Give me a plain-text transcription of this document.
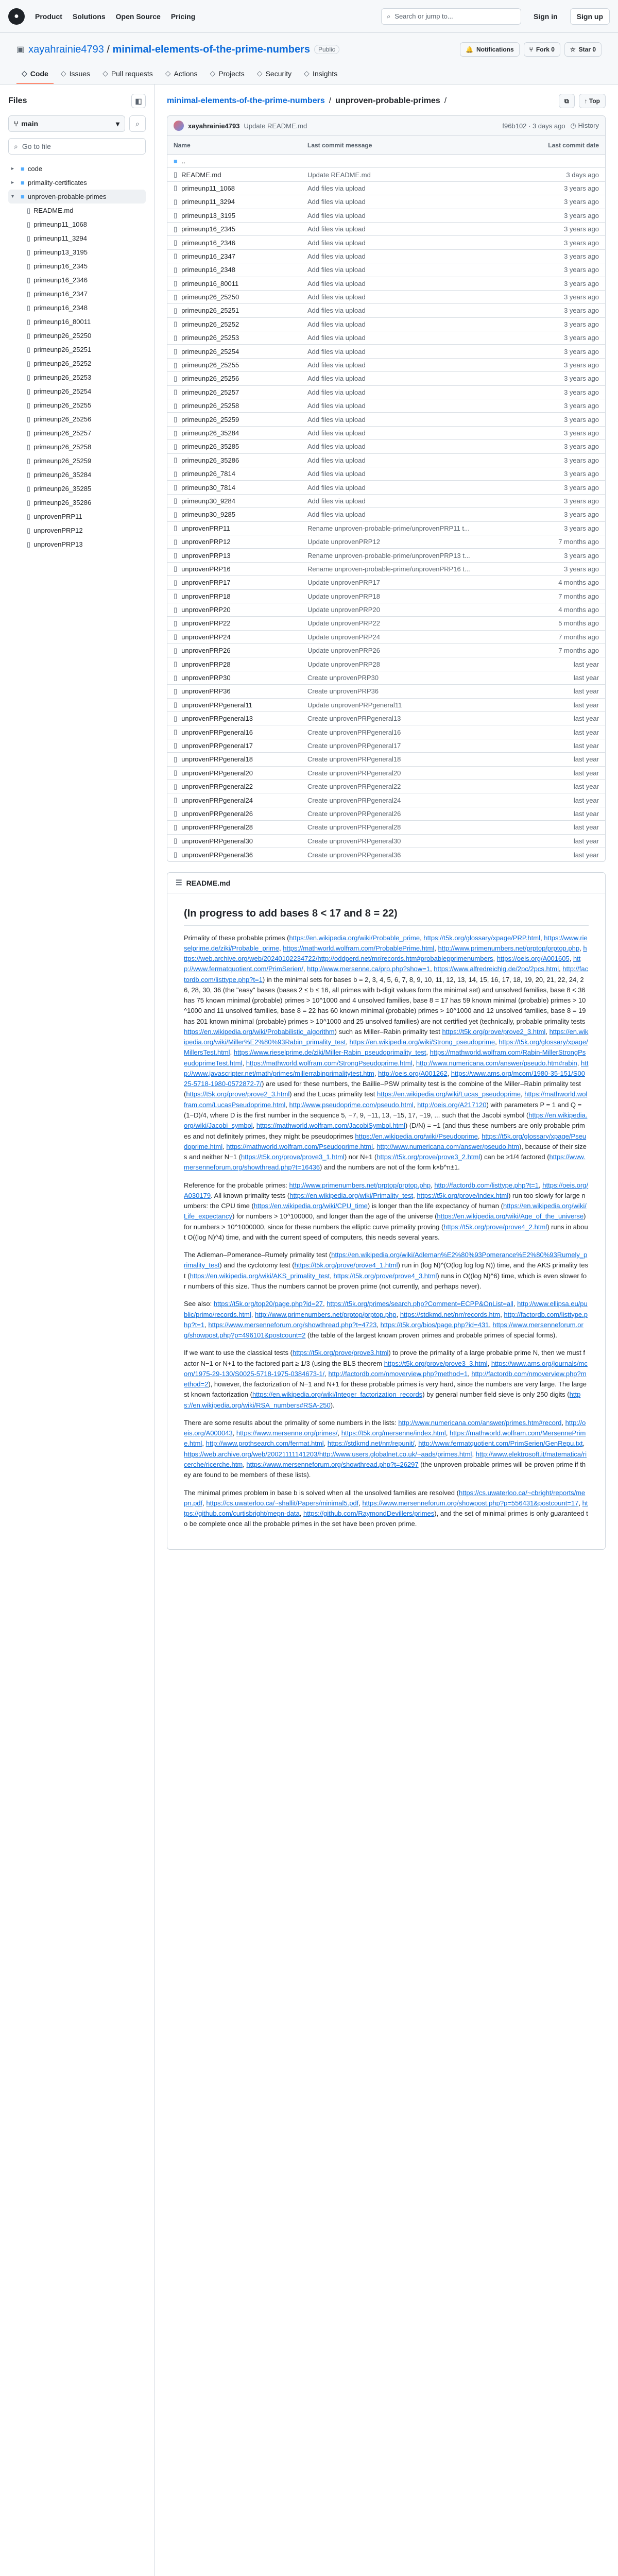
●	Product	Solutions	Open Source	Pricing	⌕ Search or jump to...	Sign in	Sign up
▣ xayahrainie4793 / minimal-elements-of-the-prime-numbers	Public	🔔 Notifications	⑂ Fork 0	☆ Star 0
◇ Code ◇ Issues ◇ Pull requests ◇ Actions ◇ Projects ◇ Security ◇ Insights
Files	◧
⑂ main	▾	⌕
⌕ Go to file
▸ ■ code
▸ ■ primality-certificates
▾ ■ unproven-probable-primes
▯ README.md
▯ primeunp11_1068
▯ primeunp11_3294
▯ primeunp13_3195
▯ primeunp16_2345
▯ primeunp16_2346
▯ primeunp16_2347
▯ primeunp16_2348
▯ primeunp16_80011
▯ primeunp26_25250
▯ primeunp26_25251
▯ primeunp26_25252
▯ primeunp26_25253
▯ primeunp26_25254
▯ primeunp26_25255
▯ primeunp26_25256
▯ primeunp26_25257
▯ primeunp26_25258
▯ primeunp26_25259
▯ primeunp26_35284
▯ primeunp26_35285
▯ primeunp26_35286
▯ unprovenPRP11
▯ unprovenPRP12
▯ unprovenPRP13
minimal-elements-of-the-prime-numbers / unproven-probable-primes /	⧉	↑ Top
xayahrainie4793 Update README.md	f96b102 · 3 days ago ◷ History
Name	Last commit message	Last commit date
■ ..
▯ README.md	Update README.md	3 days ago
▯ primeunp11_1068	Add files via upload	3 years ago
▯ primeunp11_3294	Add files via upload	3 years ago
▯ primeunp13_3195	Add files via upload	3 years ago
▯ primeunp16_2345	Add files via upload	3 years ago
▯ primeunp16_2346	Add files via upload	3 years ago
▯ primeunp16_2347	Add files via upload	3 years ago
▯ primeunp16_2348	Add files via upload	3 years ago
▯ primeunp16_80011	Add files via upload	3 years ago
▯ primeunp26_25250	Add files via upload	3 years ago
▯ primeunp26_25251	Add files via upload	3 years ago
▯ primeunp26_25252	Add files via upload	3 years ago
▯ primeunp26_25253	Add files via upload	3 years ago
▯ primeunp26_25254	Add files via upload	3 years ago
▯ primeunp26_25255	Add files via upload	3 years ago
▯ primeunp26_25256	Add files via upload	3 years ago
▯ primeunp26_25257	Add files via upload	3 years ago
▯ primeunp26_25258	Add files via upload	3 years ago
▯ primeunp26_25259	Add files via upload	3 years ago
▯ primeunp26_35284	Add files via upload	3 years ago
▯ primeunp26_35285	Add files via upload	3 years ago
▯ primeunp26_35286	Add files via upload	3 years ago
▯ primeunp26_7814	Add files via upload	3 years ago
▯ primeunp30_7814	Add files via upload	3 years ago
▯ primeunp30_9284	Add files via upload	3 years ago
▯ primeunp30_9285	Add files via upload	3 years ago
▯ unprovenPRP11	Rename unproven-probable-prime/unprovenPRP11 t...	3 years ago
▯ unprovenPRP12	Update unprovenPRP12	7 months ago
▯ unprovenPRP13	Rename unproven-probable-prime/unprovenPRP13 t...	3 years ago
▯ unprovenPRP16	Rename unproven-probable-prime/unprovenPRP16 t...	3 years ago
▯ unprovenPRP17	Update unprovenPRP17	4 months ago
▯ unprovenPRP18	Update unprovenPRP18	7 months ago
▯ unprovenPRP20	Update unprovenPRP20	4 months ago
▯ unprovenPRP22	Update unprovenPRP22	5 months ago
▯ unprovenPRP24	Update unprovenPRP24	7 months ago
▯ unprovenPRP26	Update unprovenPRP26	7 months ago
▯ unprovenPRP28	Update unprovenPRP28	last year
▯ unprovenPRP30	Create unprovenPRP30	last year
▯ unprovenPRP36	Create unprovenPRP36	last year
▯ unprovenPRPgeneral11	Update unprovenPRPgeneral11	last year
▯ unprovenPRPgeneral13	Create unprovenPRPgeneral13	last year
▯ unprovenPRPgeneral16	Create unprovenPRPgeneral16	last year
▯ unprovenPRPgeneral17	Create unprovenPRPgeneral17	last year
▯ unprovenPRPgeneral18	Create unprovenPRPgeneral18	last year
▯ unprovenPRPgeneral20	Create unprovenPRPgeneral20	last year
▯ unprovenPRPgeneral22	Create unprovenPRPgeneral22	last year
▯ unprovenPRPgeneral24	Create unprovenPRPgeneral24	last year
▯ unprovenPRPgeneral26	Create unprovenPRPgeneral26	last year
▯ unprovenPRPgeneral28	Create unprovenPRPgeneral28	last year
▯ unprovenPRPgeneral30	Create unprovenPRPgeneral30	last year
▯ unprovenPRPgeneral36	Create unprovenPRPgeneral36	last year
☰ README.md
(In progress to add bases 8 < 17 and 8 = 22)

Primality of these probable primes (https://en.wikipedia.org/wiki/Probable_prime, https://t5k.org/glossary/xpage/PRP.html, https://www.rieselprime.de/ziki/Probable_prime, https://mathworld.wolfram.com/ProbablePrime.html, http://www.primenumbers.net/prptop/prptop.php, https://web.archive.org/web/20240102234722/http://oddperd.net/mr/records.htm#probablepprimenumbers, https://oeis.org/A001605, http://www.fermatquotient.com/PrimSerien/, http://www.mersenne.ca/prp.php?show=1, https://www.alfredreichlg.de/2pc/2pcs.html, http://factordb.com/listtype.php?t=1) in the minimal sets for bases b = 2, 3, 4, 5, 6, 7, 8, 9, 10, 11, 12, 13, 14, 15, 16, 17, 18, 19, 20, 21, 22, 24, 26, 28, 30, 36 (the "easy" bases (bases 2 ≤ b ≤ 16, all primes with b-digit values form the minimal set) and unsolved families, base 8 < 36 has 75 known minimal (probable) primes > 10^1000 and 4 unsolved families, base 8 = 17 has 59 known minimal (probable) primes > 10^1000 and 11 unsolved families, base 8 = 22 has 60 known minimal (probable) primes > 10^1000 and 12 unsolved families, base 8 = 19 has 201 known minimal (probable) primes > 10^1000 and 25 unsolved families) are not certified yet (technically, probable primality tests https://en.wikipedia.org/wiki/Probabilistic_algorithm) such as Miller–Rabin primality test https://t5k.org/prove/prove2_3.html, https://en.wikipedia.org/wiki/Miller%E2%80%93Rabin_primality_test, https://en.wikipedia.org/wiki/Strong_pseudoprime, https://t5k.org/glossary/xpage/MillersTest.html, https://www.rieselprime.de/ziki/Miller-Rabin_pseudoprimality_test, https://mathworld.wolfram.com/Rabin-MillerStrongPseudoprimeTest.html, https://mathworld.wolfram.com/StrongPseudoprime.html, http://www.numericana.com/answer/pseudo.htm#rabin, http://www.javascripter.net/math/primes/millerrabinprimalitytest.htm, http://oeis.org/A001262, https://www.ams.org/mcom/1980-35-151/S0025-5718-1980-0572872-7/) are used for these numbers, the Baillie–PSW primality test is the combine of the Miller–Rabin primality test (https://t5k.org/prove/prove2_3.html) and the Lucas primality test https://en.wikipedia.org/wiki/Lucas_pseudoprime, https://mathworld.wolfram.com/LucasPseudoprime.html, http://www.pseudoprime.com/pseudo.html, http://oeis.org/A217120) with parameters P = 1 and Q = (1−D)/4, where D is the first number in the sequence 5, −7, 9, −11, 13, −15, 17, −19, ... such that the Jacobi symbol (https://en.wikipedia.org/wiki/Jacobi_symbol, https://mathworld.wolfram.com/JacobiSymbol.html) (D/N) = −1 (and thus these numbers are only probable primes and not definitely primes, they might be pseudoprimes https://en.wikipedia.org/wiki/Pseudoprime, https://t5k.org/glossary/xpage/Pseudoprime.html, https://mathworld.wolfram.com/Pseudoprime.html, http://www.numericana.com/answer/pseudo.htm), because of their sizes and neither N−1 (https://t5k.org/prove/prove3_1.html) nor N+1 (https://t5k.org/prove/prove3_2.html) can be ≥1/4 factored (https://www.mersenneforum.org/showthread.php?t=16436) and the numbers are not of the form k×b^n±1.

Reference for the probable primes: http://www.primenumbers.net/prptop/prptop.php, http://factordb.com/listtype.php?t=1, https://oeis.org/A030179. All known primality tests (https://en.wikipedia.org/wiki/Primality_test, https://t5k.org/prove/index.html) run too slowly for large numbers: the CPU time (https://en.wikipedia.org/wiki/CPU_time) is longer than the life expectancy of human (https://en.wikipedia.org/wiki/Life_expectancy) for numbers > 10^100000, and longer than the age of the universe (https://en.wikipedia.org/wiki/Age_of_the_universe) for numbers > 10^1000000, since for these numbers the elliptic curve primality proving (https://t5k.org/prove/prove4_2.html) runs in about O((log N)^4) time, and with the current speed of computers, this needs several years.

The Adleman–Pomerance–Rumely primality test (https://en.wikipedia.org/wiki/Adleman%E2%80%93Pomerance%E2%80%93Rumely_primality_test) and the cyclotomy test (https://t5k.org/prove/prove4_1.html) run in (log N)^(O(log log log N)) time, and the AKS primality test (https://en.wikipedia.org/wiki/AKS_primality_test, https://t5k.org/prove/prove4_3.html) runs in O((log N)^6) time, which is even slower for numbers of this size. Thus the numbers cannot be proven prime (not currently, and perhaps never).

See also: https://t5k.org/top20/page.php?id=27, https://t5k.org/primes/search.php?Comment=ECPP&OnList=all, http://www.ellipsa.eu/public/primo/records.html, http://www.primenumbers.net/prptop/prptop.php, https://stdkmd.net/nrr/records.htm, http://factordb.com/listtype.php?t=1, https://www.mersenneforum.org/showthread.php?t=4723, https://t5k.org/bios/page.php?id=431, https://www.mersenneforum.org/showpost.php?p=496101&postcount=2 (the table of the largest known proven primes and probable primes of special forms).

If we want to use the classical tests (https://t5k.org/prove/prove3.html) to prove the primality of a large probable prime N, then we must factor N−1 or N+1 to the factored part ≥ 1/3 (using the BLS theorem https://t5k.org/prove/prove3_3.html, https://www.ams.org/journals/mcom/1975-29-130/S0025-5718-1975-0384673-1/, http://factordb.com/nmoverview.php?method=1, http://factordb.com/nmoverview.php?method=2), however, the factorization of N−1 and N+1 for these probable primes is very hard, since the numbers are very large. The largest known factorization (https://en.wikipedia.org/wiki/Integer_factorization_records) by general number field sieve is only 250 digits (https://en.wikipedia.org/wiki/RSA_numbers#RSA-250).

There are some results about the primality of some numbers in the lists: http://www.numericana.com/answer/primes.htm#record, http://oeis.org/A000043, https://www.mersenne.org/primes/, https://t5k.org/mersenne/index.html, https://mathworld.wolfram.com/MersennePrime.html, http://www.prothsearch.com/fermat.html, https://stdkmd.net/nrr/repunit/, http://www.fermatquotient.com/PrimSerien/GenRepu.txt, https://web.archive.org/web/20021111141203/http://www.users.globalnet.co.uk/~aads/primes.html, http://www.elektrosoft.it/matematica/ricerche/ricerche.htm, https://www.mersenneforum.org/showthread.php?t=26297 (the unproven probable primes will be proven prime if they are found to be members of these lists).

The minimal primes problem in base b is solved when all the unsolved families are resolved (https://cs.uwaterloo.ca/~cbright/reports/mepn.pdf, https://cs.uwaterloo.ca/~shallit/Papers/minimal5.pdf, https://www.mersenneforum.org/showpost.php?p=556431&postcount=17, https://github.com/curtisbright/mepn-data, https://github.com/RaymondDevillers/primes), and the set of minimal primes is only guaranteed to be complete once all the probable primes in the set have been proven prime.
